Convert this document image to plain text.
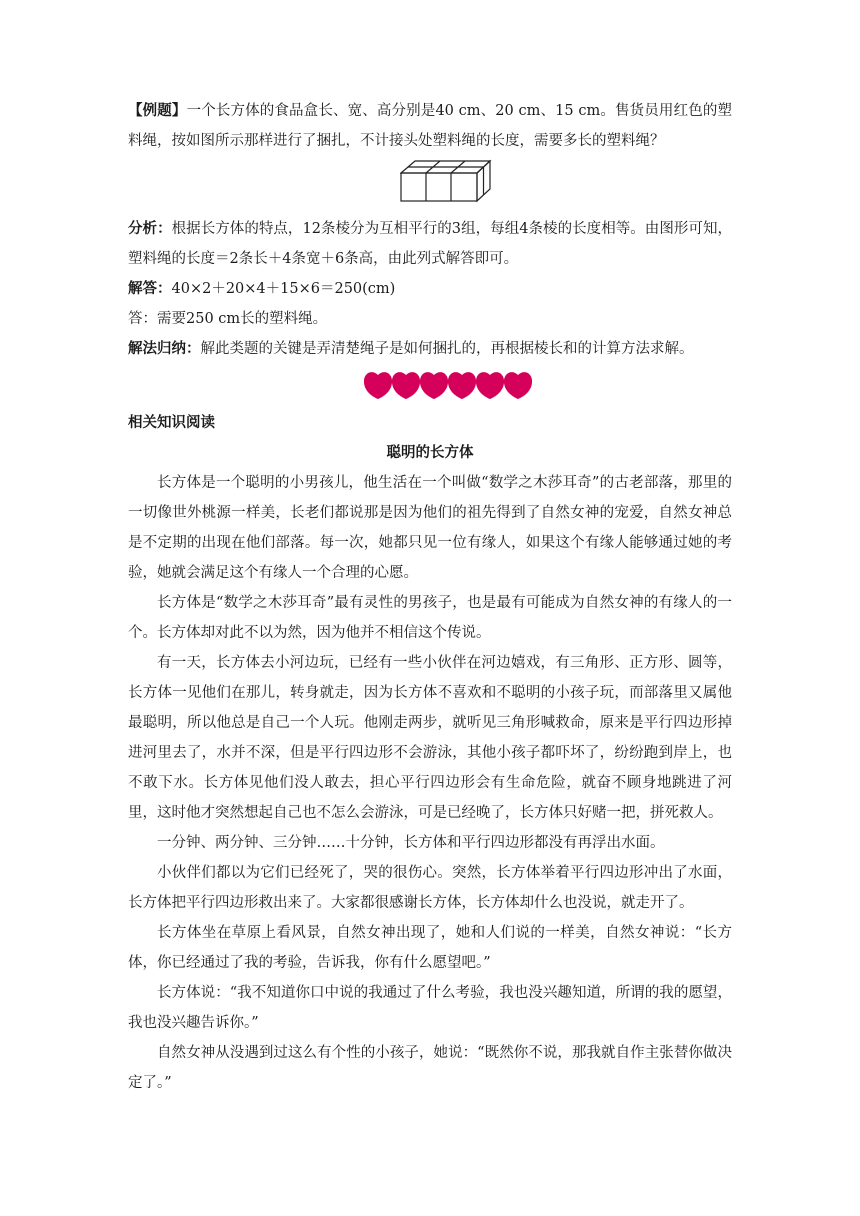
【例题】一个长方体的食品盒长、宽、高分别是40 cm、20 cm、15 cm。售货员用红色的塑料绳，按如图所示那样进行了捆扎，不计接头处塑料绳的长度，需要多长的塑料绳？

分析：根据长方体的特点，12条棱分为互相平行的3组，每组4条棱的长度相等。由图形可知，塑料绳的长度＝2条长＋4条宽＋6条高，由此列式解答即可。

解答：40×2＋20×4＋15×6＝250(cm)

答：需要250 cm长的塑料绳。

解法归纳：解此类题的关键是弄清楚绳子是如何捆扎的，再根据棱长和的计算方法求解。

相关知识阅读

聪明的长方体

长方体是一个聪明的小男孩儿，他生活在一个叫做“数学之木莎耳奇”的古老部落，那里的一切像世外桃源一样美，长老们都说那是因为他们的祖先得到了自然女神的宠爱，自然女神总是不定期的出现在他们部落。每一次，她都只见一位有缘人，如果这个有缘人能够通过她的考验，她就会满足这个有缘人一个合理的心愿。

长方体是“数学之木莎耳奇”最有灵性的男孩子，也是最有可能成为自然女神的有缘人的一个。长方体却对此不以为然，因为他并不相信这个传说。

有一天，长方体去小河边玩，已经有一些小伙伴在河边嬉戏，有三角形、正方形、圆等，长方体一见他们在那儿，转身就走，因为长方体不喜欢和不聪明的小孩子玩，而部落里又属他最聪明，所以他总是自己一个人玩。他刚走两步，就听见三角形喊救命，原来是平行四边形掉进河里去了，水并不深，但是平行四边形不会游泳，其他小孩子都吓坏了，纷纷跑到岸上，也不敢下水。长方体见他们没人敢去，担心平行四边形会有生命危险，就奋不顾身地跳进了河里，这时他才突然想起自己也不怎么会游泳，可是已经晚了，长方体只好赌一把，拼死救人。

一分钟、两分钟、三分钟……十分钟，长方体和平行四边形都没有再浮出水面。

小伙伴们都以为它们已经死了，哭的很伤心。突然，长方体举着平行四边形冲出了水面，长方体把平行四边形救出来了。大家都很感谢长方体，长方体却什么也没说，就走开了。

长方体坐在草原上看风景，自然女神出现了，她和人们说的一样美，自然女神说：“长方体，你已经通过了我的考验，告诉我，你有什么愿望吧。”

长方体说：“我不知道你口中说的我通过了什么考验，我也没兴趣知道，所谓的我的愿望，我也没兴趣告诉你。”

自然女神从没遇到过这么有个性的小孩子，她说：“既然你不说，那我就自作主张替你做决定了。”
